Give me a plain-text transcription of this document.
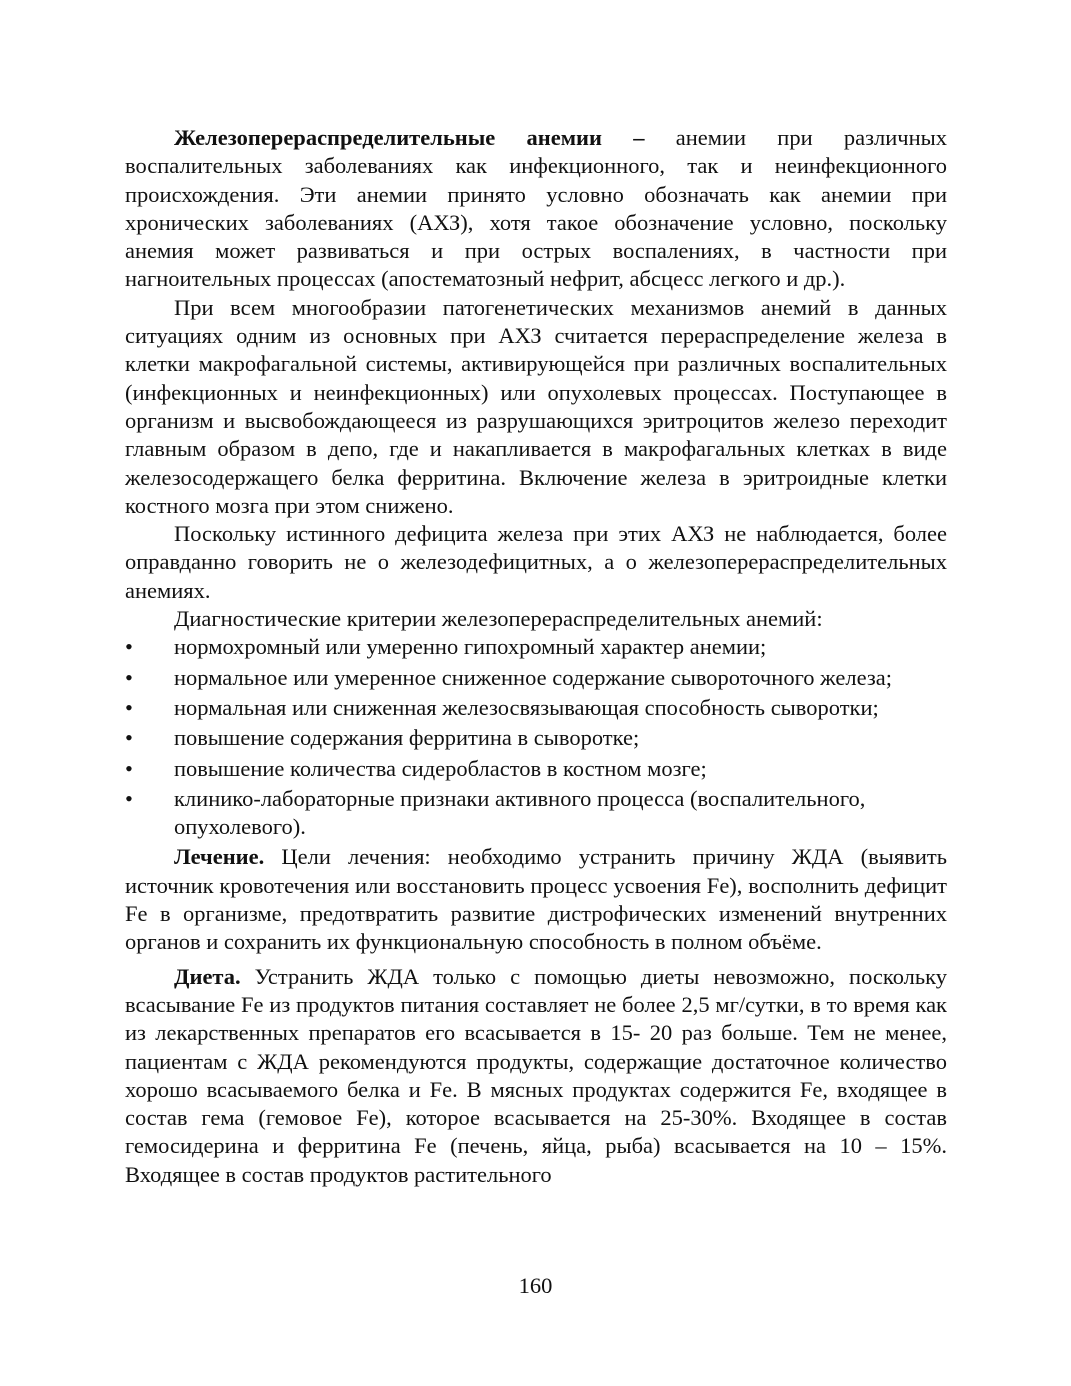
Железоперераспределительные анемии – анемии при различных воспалительных заболеваниях как инфекционного, так и неинфекционного происхождения. Эти анемии принято условно обозначать как анемии при хронических заболеваниях (АХЗ), хотя такое обозначение условно, поскольку анемия может развиваться и при острых воспалениях, в частности при нагноительных процессах (апостематозный нефрит, абсцесс легкого и др.).

При всем многообразии патогенетических механизмов анемий в данных ситуациях одним из основных при АХЗ считается перераспределение железа в клетки макрофагальной системы, активирующейся при различных воспалительных (инфекционных и неинфекционных) или опухолевых процессах. Поступающее в организм и высвобождающееся из разрушающихся эритроцитов железо переходит главным образом в депо, где и накапливается в макрофагальных клетках в виде железосодержащего белка ферритина. Включение железа в эритроидные клетки костного мозга при этом снижено.

Поскольку истинного дефицита железа при этих АХЗ не наблюдается, более оправданно говорить не о железодефицитных, а о железоперераспределительных анемиях.

Диагностические критерии железоперераспределительных анемий:

• нормохромный или умеренно гипохромный характер анемии;
• нормальное или умеренное сниженное содержание сывороточного железа;
• нормальная или сниженная железосвязывающая способность сыворотки;
• повышение содержания ферритина в сыворотке;
• повышение количества сидеробластов в костном мозге;
• клинико-лабораторные признаки активного процесса (воспалительного, опухолевого).

Лечение. Цели лечения: необходимо устранить причину ЖДА (выявить источник кровотечения или восстановить процесс усвоения Fe), восполнить дефицит Fe в организме, предотвратить развитие дистрофических изменений внутренних органов и сохранить их функциональную способность в полном объёме.

Диета. Устранить ЖДА только с помощью диеты невозможно, поскольку всасывание Fe из продуктов питания составляет не более 2,5 мг/сутки, в то время как из лекарственных препаратов его всасывается в 15- 20 раз больше. Тем не менее, пациентам с ЖДА рекомендуются продукты, содержащие достаточное количество хорошо всасываемого белка и Fe. В мясных продуктах содержится Fe, входящее в состав гема (гемовое Fe), которое всасывается на 25-30%. Входящее в состав гемосидерина и ферритина Fe (печень, яйца, рыба) всасывается на 10 – 15%. Входящее в состав продуктов растительного

160
